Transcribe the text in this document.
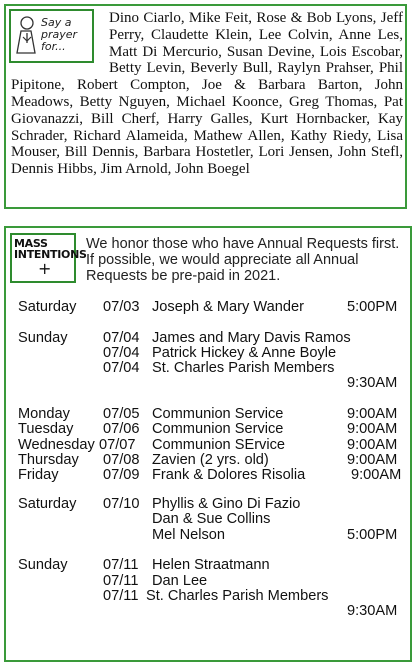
Say a prayer for...
Dino Ciarlo, Mike Feit, Rose & Bob Lyons, Jeff Perry, Claudette Klein, Lee Colvin, Anne Les, Matt Di Mercurio, Susan Devine, Lois Escobar, Betty Levin, Beverly Bull, Raylyn Prahser, Phil Pipitone, Robert Compton, Joe & Barbara Barton, John Meadows, Betty Nguyen, Michael Koonce, Greg Thomas, Pat Giovanazzi, Bill Cherf, Harry Galles, Kurt Hornbacker, Kay Schrader, Richard Alameida, Mathew Allen, Kathy Riedy, Lisa Mouser, Bill Dennis, Barbara Hostetler, Lori Jensen, John Stefl, Dennis Hibbs, Jim Arnold, John Boegel
MASS
INTENTIONS
+
We honor those who have Annual Requests first. If possible, we would appreciate all Annual Requests be pre-paid in 2021.
Saturday 07/03 Joseph & Mary Wander	5:00PM
Sunday 07/04 James and Mary Davis Ramos
07/04 Patrick Hickey & Anne Boyle
07/04 St. Charles Parish Members
9:30AM
Monday 07/05 Communion Service	9:00AM
Tuesday 07/06 Communion Service	9:00AM
Wednesday 07/07 Communion SErvice	9:00AM
Thursday 07/08 Zavien (2 yrs. old)	9:00AM
Friday	07/09 Frank & Dolores Risolia	9:00AM
Saturday 07/10 Phyllis & Gino Di Fazio
Dan & Sue Collins
Mel Nelson	5:00PM
Sunday 07/11 Helen Straatmann
07/11 Dan Lee
07/11 St. Charles Parish Members
9:30AM
